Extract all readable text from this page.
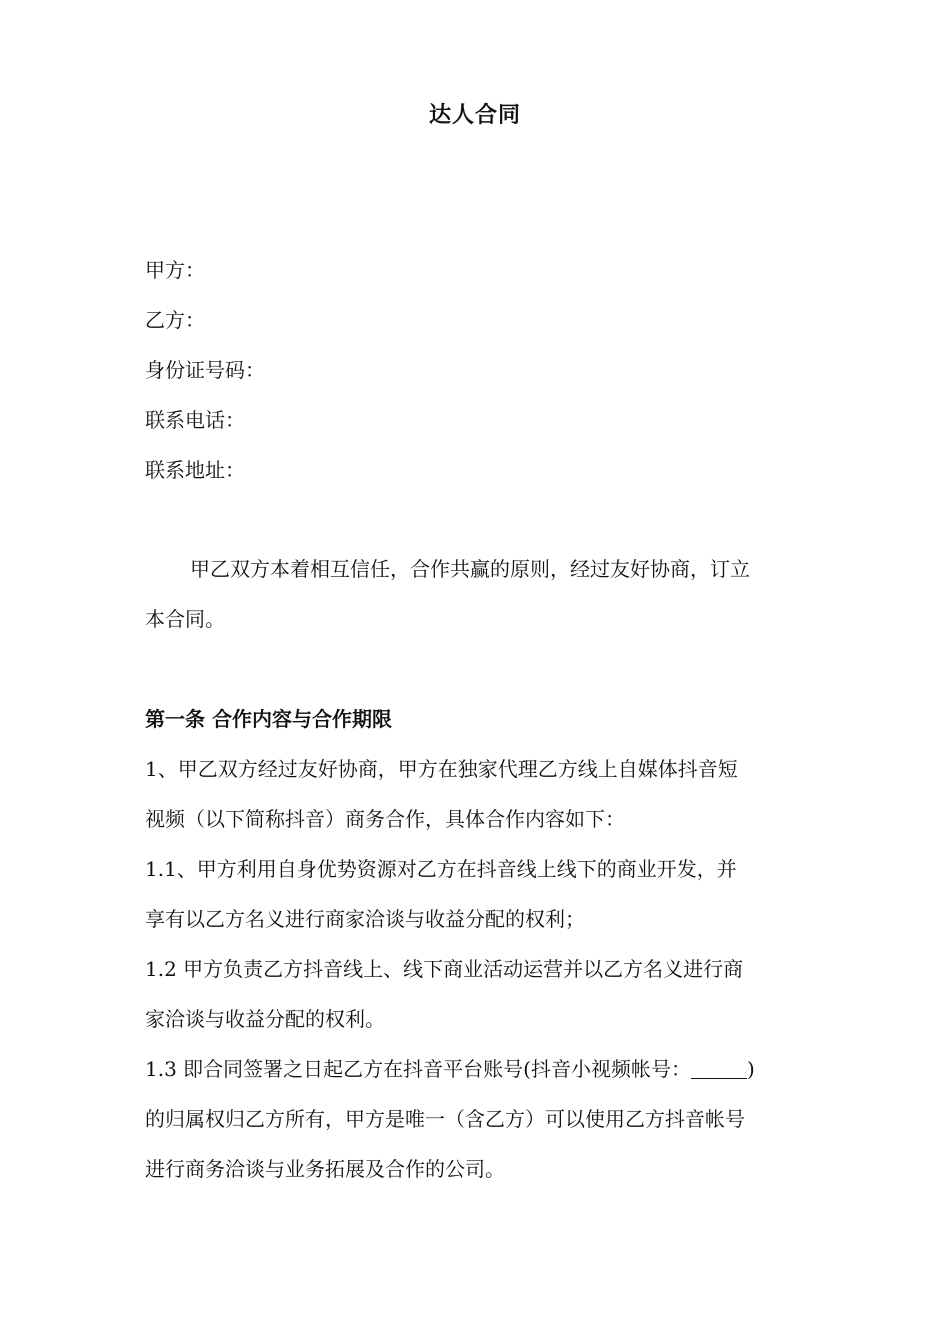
达人合同
甲方：
乙方：
身份证号码：
联系电话：
联系地址：
甲乙双方本着相互信任，合作共赢的原则，经过友好协商，订立
本合同。
第一条 合作内容与合作期限
1、甲乙双方经过友好协商，甲方在独家代理乙方线上自媒体抖音短
视频（以下简称抖音）商务合作，具体合作内容如下：
1.1、甲方利用自身优势资源对乙方在抖音线上线下的商业开发，并
享有以乙方名义进行商家洽谈与收益分配的权利；
1.2 甲方负责乙方抖音线上、线下商业活动运营并以乙方名义进行商
家洽谈与收益分配的权利。
1.3 即合同签署之日起乙方在抖音平台账号(抖音小视频帐号：	)
的归属权归乙方所有，甲方是唯一（含乙方）可以使用乙方抖音帐号
进行商务洽谈与业务拓展及合作的公司。
